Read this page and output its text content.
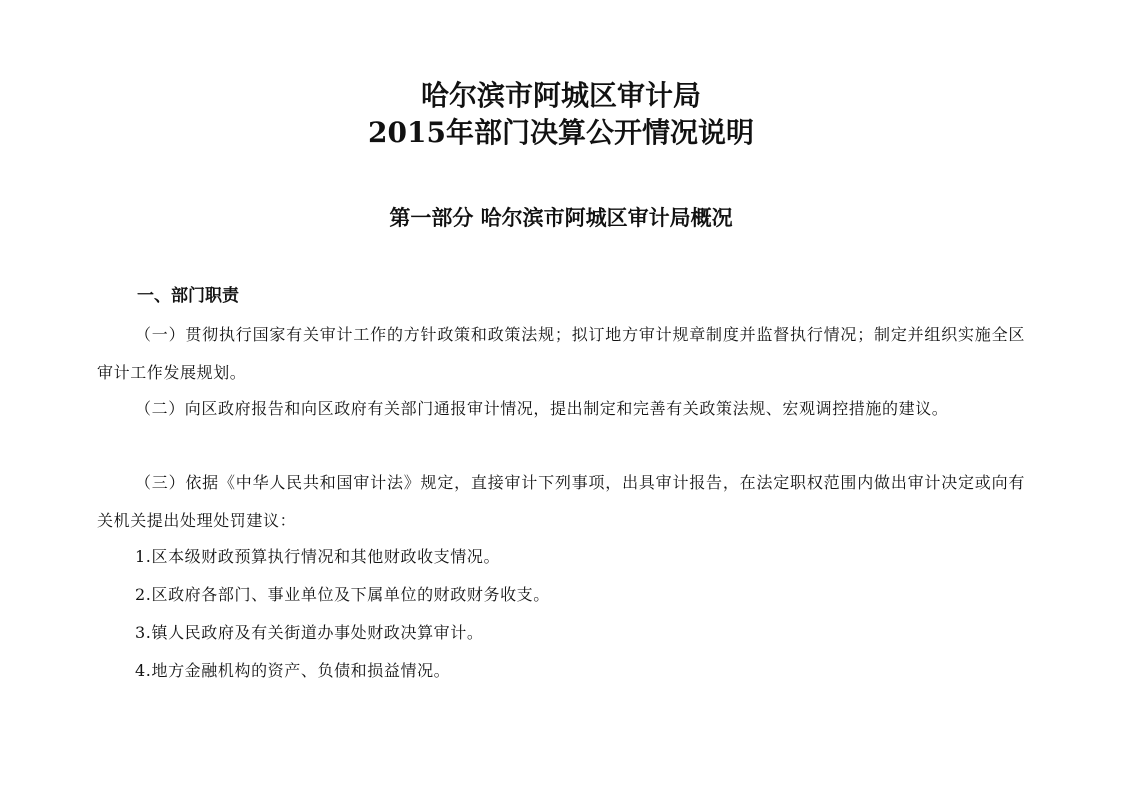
哈尔滨市阿城区审计局
2015年部门决算公开情况说明
第一部分 哈尔滨市阿城区审计局概况
一、部门职责
（一）贯彻执行国家有关审计工作的方针政策和政策法规；拟订地方审计规章制度并监督执行情况；制定并组织实施全区审计工作发展规划。
（二）向区政府报告和向区政府有关部门通报审计情况，提出制定和完善有关政策法规、宏观调控措施的建议。
（三）依据《中华人民共和国审计法》规定，直接审计下列事项，出具审计报告，在法定职权范围内做出审计决定或向有关机关提出处理处罚建议：
1.区本级财政预算执行情况和其他财政收支情况。
2.区政府各部门、事业单位及下属单位的财政财务收支。
3.镇人民政府及有关街道办事处财政决算审计。
4.地方金融机构的资产、负债和损益情况。
